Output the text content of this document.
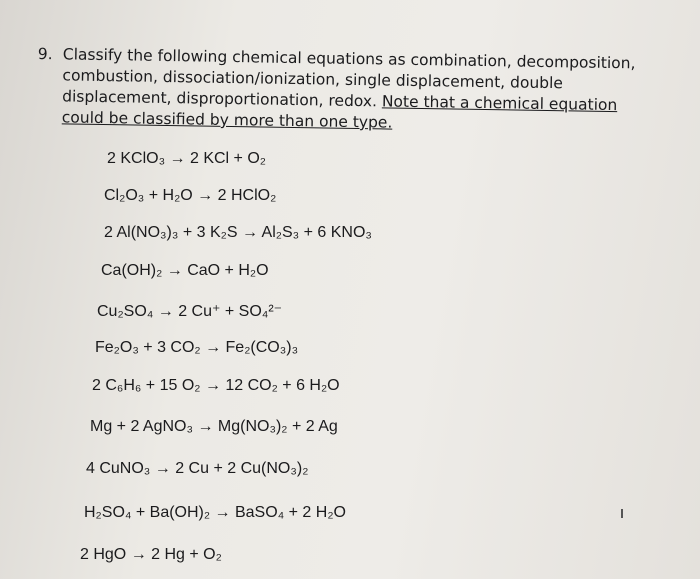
9. Classify the following chemical equations as combination, decomposition, combustion, dissociation/ionization, single displacement, double displacement, disproportionation, redox. Note that a chemical equation could be classified by more than one type.
2 KClO₃ → 2 KCl + O₂
Cl₂O₃ + H₂O → 2 HClO₂
2 Al(NO₃)₃ + 3 K₂S → Al₂S₃ + 6 KNO₃
Ca(OH)₂ → CaO + H₂O
Cu₂SO₄ → 2 Cu⁺ + SO₄²⁻
Fe₂O₃ + 3 CO₂ → Fe₂(CO₃)₃
2 C₆H₆ + 15 O₂ → 12 CO₂ + 6 H₂O
Mg + 2 AgNO₃ → Mg(NO₃)₂ + 2 Ag
4 CuNO₃ → 2 Cu + 2 Cu(NO₃)₂
H₂SO₄ + Ba(OH)₂ → BaSO₄ + 2 H₂O
2 HgO → 2 Hg + O₂
